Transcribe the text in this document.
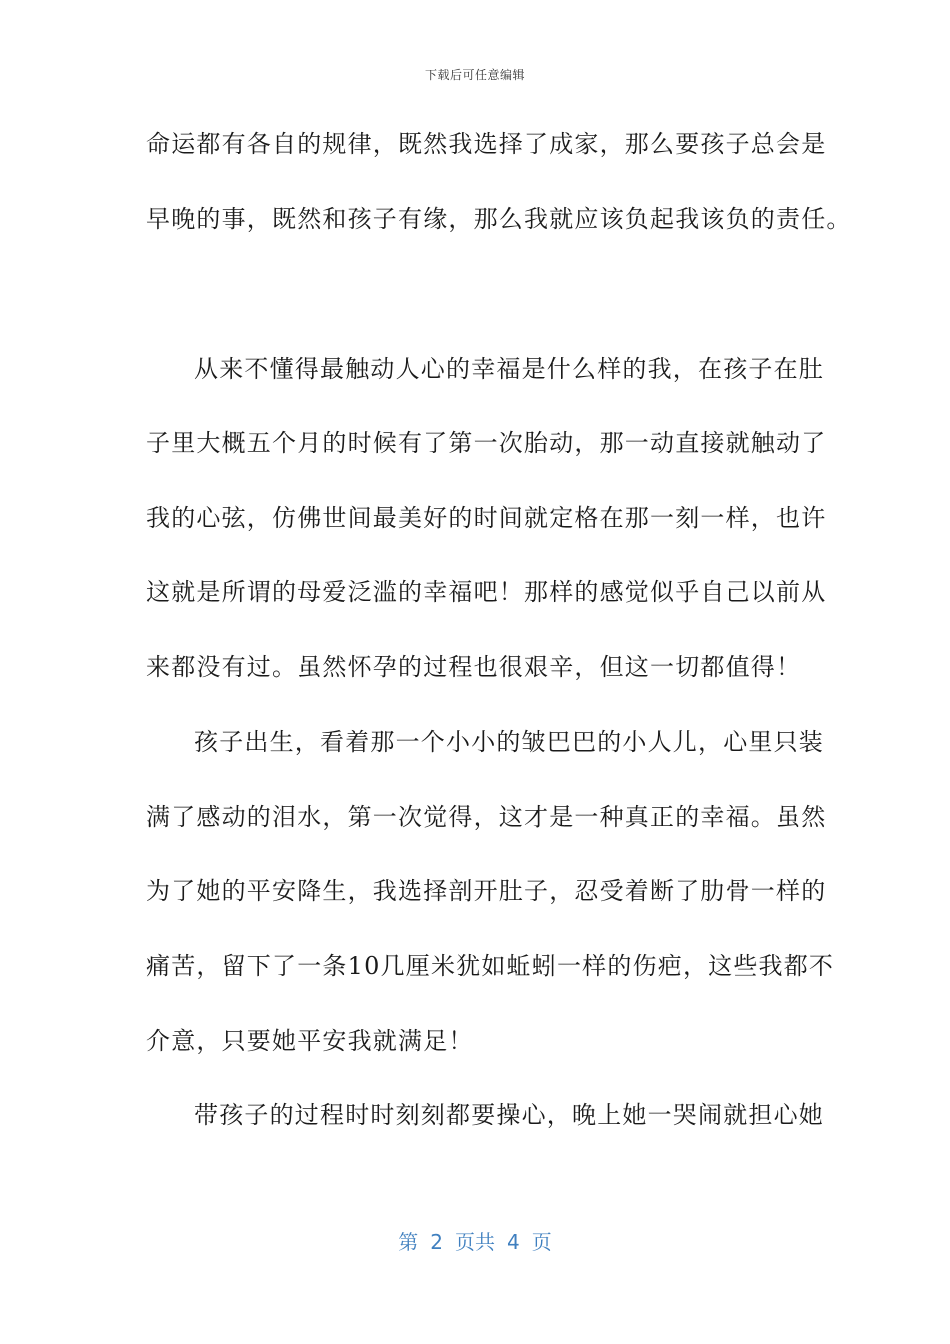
下载后可任意编辑
命运都有各自的规律，既然我选择了成家，那么要孩子总会是
早晚的事，既然和孩子有缘，那么我就应该负起我该负的责任。
从来不懂得最触动人心的幸福是什么样的我，在孩子在肚
子里大概五个月的时候有了第一次胎动，那一动直接就触动了
我的心弦，仿佛世间最美好的时间就定格在那一刻一样，也许
这就是所谓的母爱泛滥的幸福吧！那样的感觉似乎自己以前从
来都没有过。虽然怀孕的过程也很艰辛，但这一切都值得！
孩子出生，看着那一个小小的皱巴巴的小人儿，心里只装
满了感动的泪水，第一次觉得，这才是一种真正的幸福。虽然
为了她的平安降生，我选择剖开肚子，忍受着断了肋骨一样的
痛苦，留下了一条10几厘米犹如蚯蚓一样的伤疤，这些我都不
介意，只要她平安我就满足！
带孩子的过程时时刻刻都要操心，晚上她一哭闹就担心她
第 2 页共 4 页
